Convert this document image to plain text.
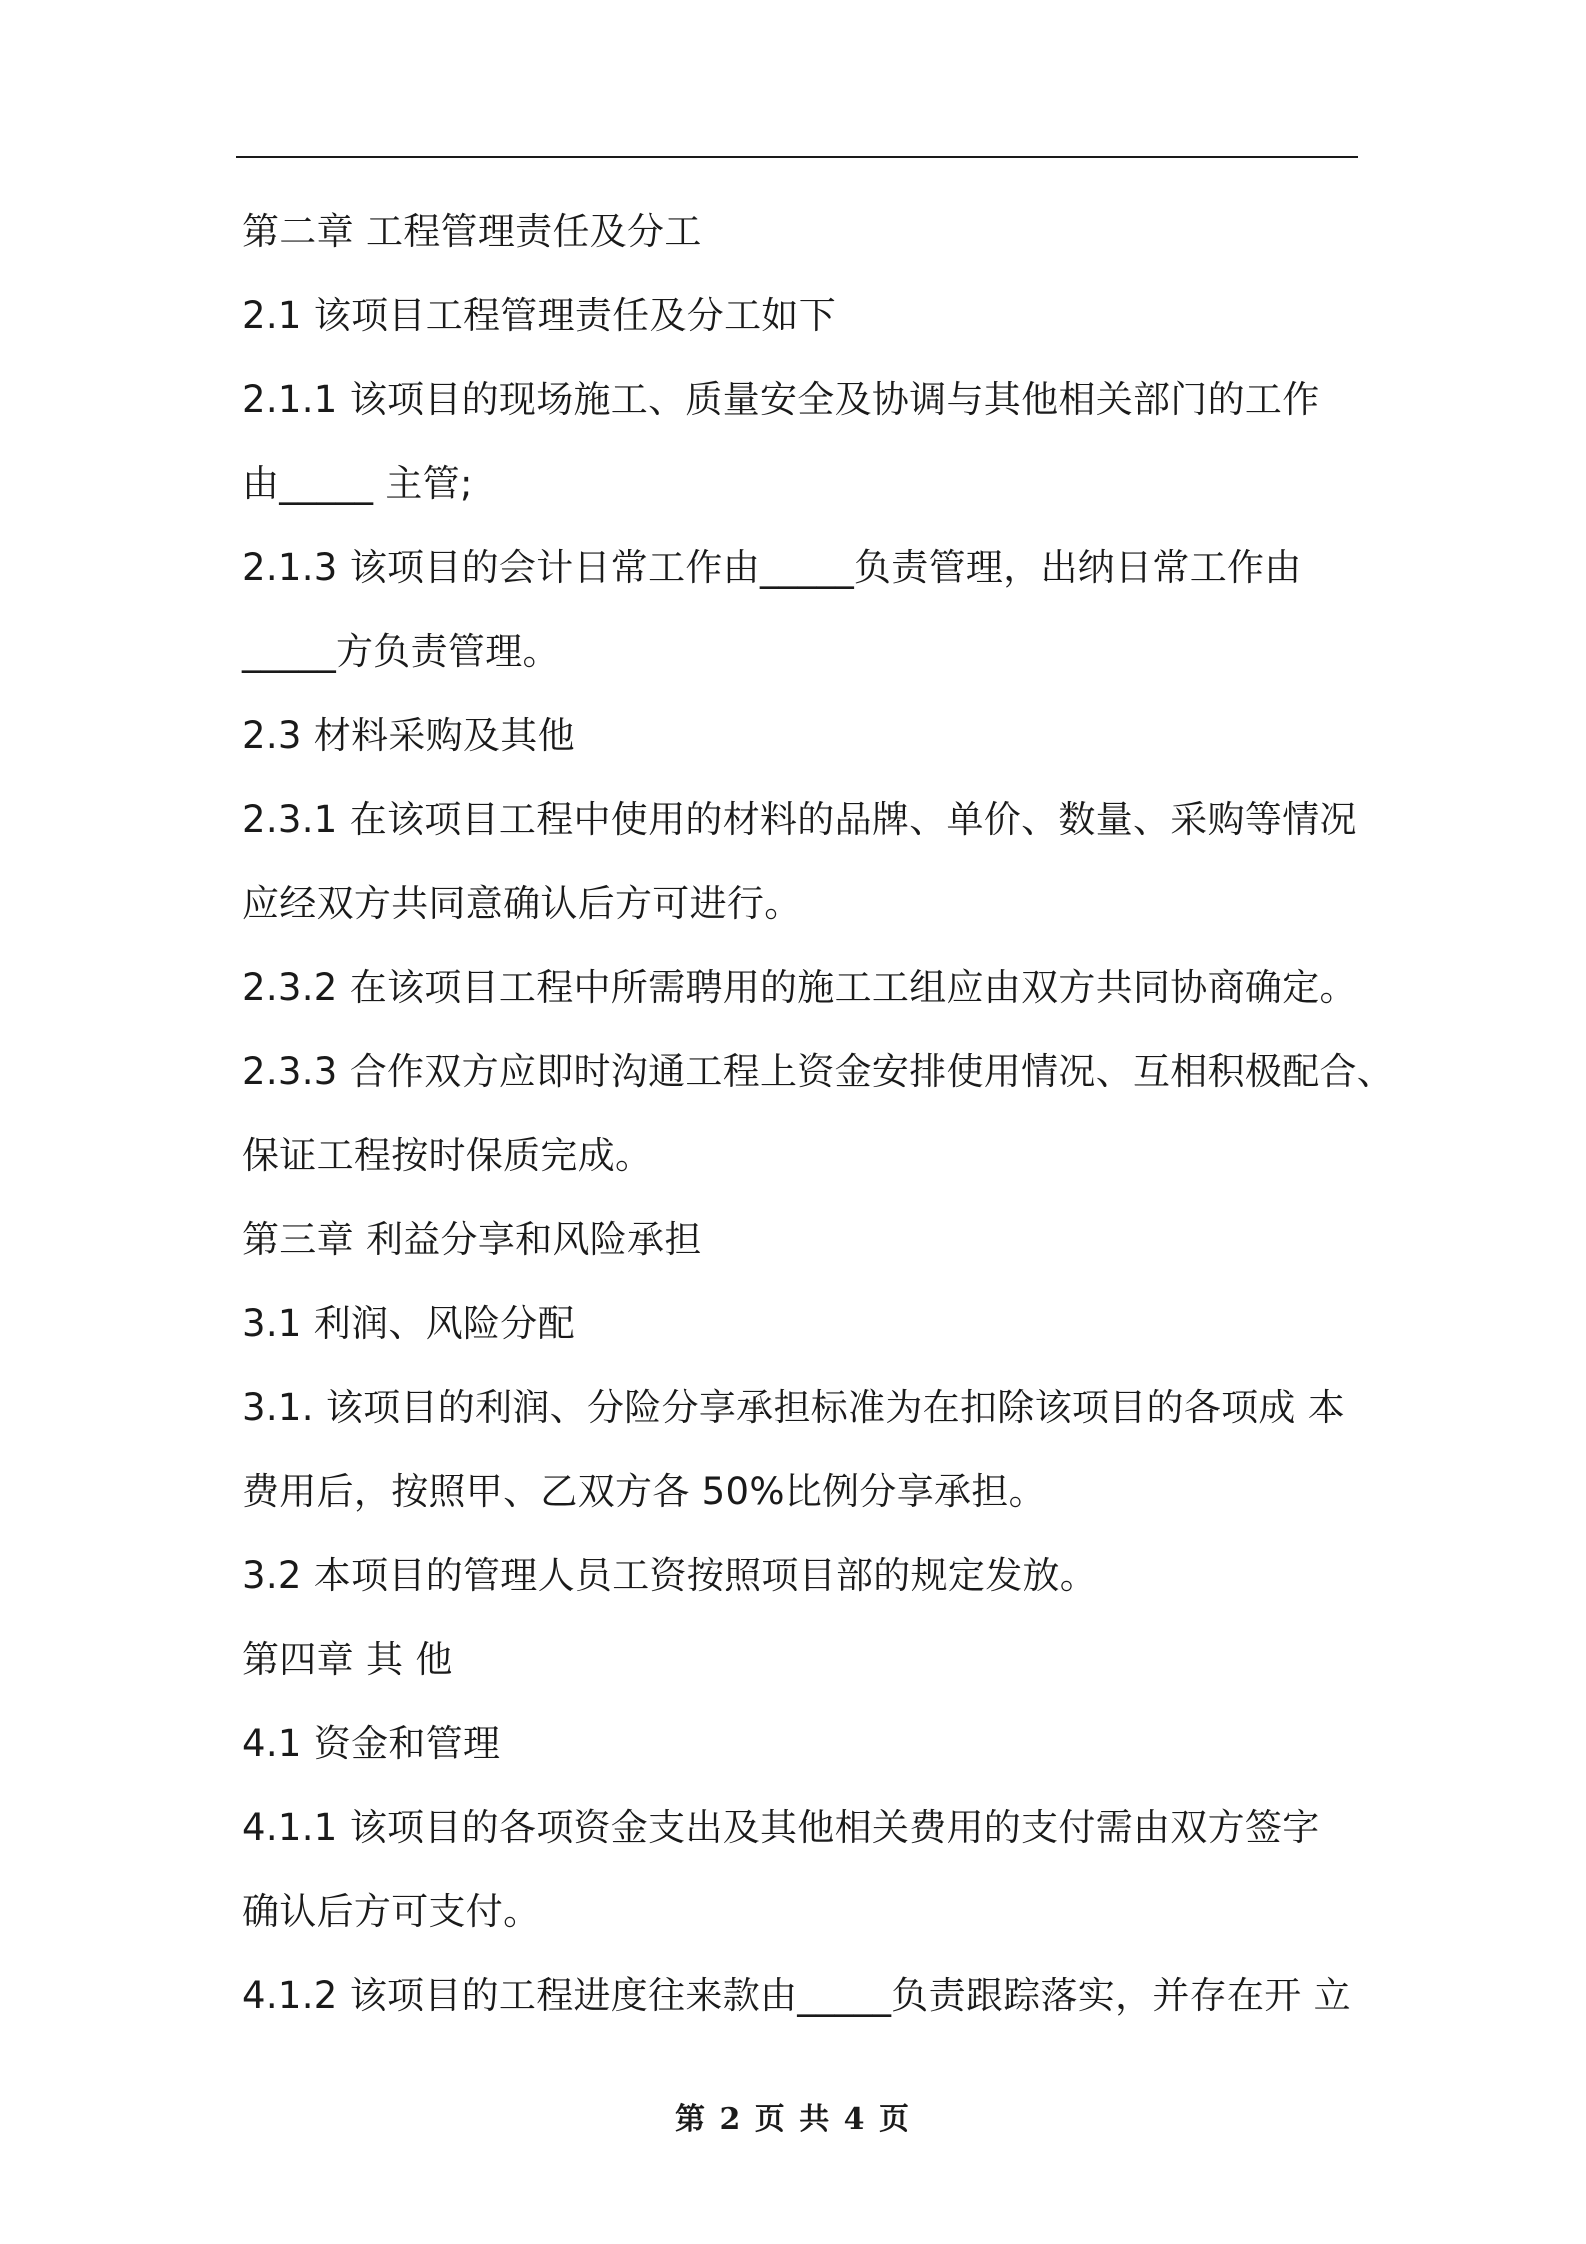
第二章 工程管理责任及分工
2.1 该项目工程管理责任及分工如下
2.1.1 该项目的现场施工、质量安全及协调与其他相关部门的工作
由_____ 主管;
2.1.3 该项目的会计日常工作由_____负责管理，出纳日常工作由
_____方负责管理。
2.3 材料采购及其他
2.3.1 在该项目工程中使用的材料的品牌、单价、数量、采购等情况
应经双方共同意确认后方可进行。
2.3.2 在该项目工程中所需聘用的施工工组应由双方共同协商确定。
2.3.3 合作双方应即时沟通工程上资金安排使用情况、互相积极配合、
保证工程按时保质完成。
第三章 利益分享和风险承担
3.1 利润、风险分配
3.1. 该项目的利润、分险分享承担标准为在扣除该项目的各项成 本
费用后，按照甲、乙双方各 50%比例分享承担。
3.2 本项目的管理人员工资按照项目部的规定发放。
第四章 其 他
4.1 资金和管理
4.1.1 该项目的各项资金支出及其他相关费用的支付需由双方签字
确认后方可支付。
4.1.2 该项目的工程进度往来款由_____负责跟踪落实，并存在开 立
第 2 页 共 4 页
